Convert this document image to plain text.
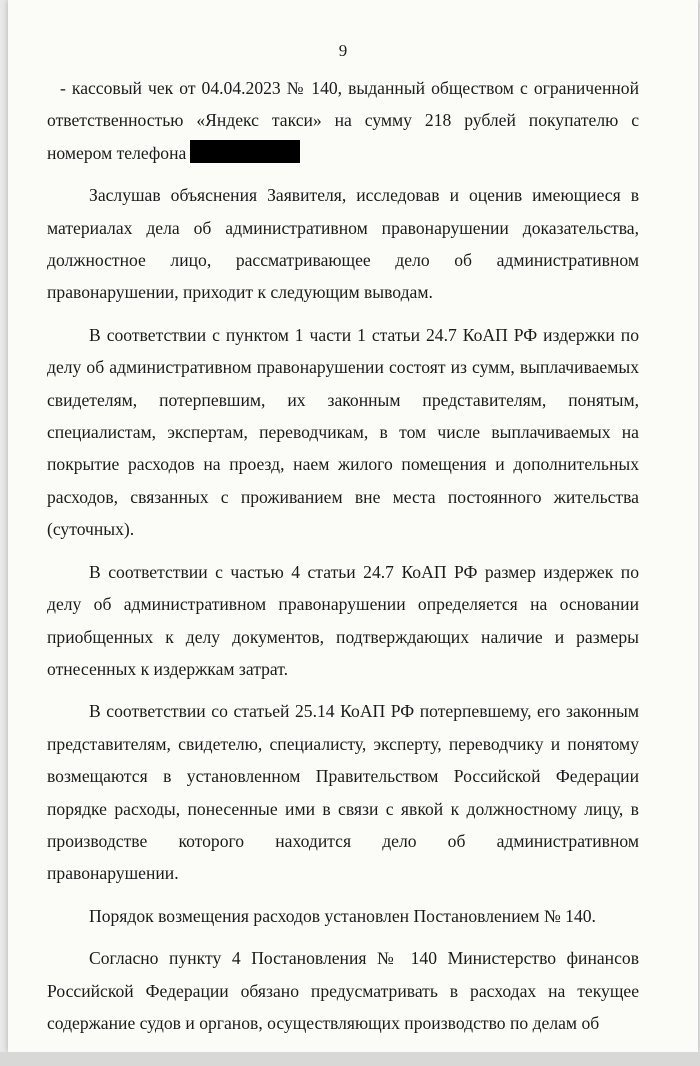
9

- кассовый чек от 04.04.2023 № 140, выданный обществом с ограниченной ответственностью «Яндекс такси» на сумму 218 рублей покупателю с номером телефона

Заслушав объяснения Заявителя, исследовав и оценив имеющиеся в материалах дела об административном правонарушении доказательства, должностное лицо, рассматривающее дело об административном правонарушении, приходит к следующим выводам.

В соответствии с пунктом 1 части 1 статьи 24.7 КоАП РФ издержки по делу об административном правонарушении состоят из сумм, выплачиваемых свидетелям, потерпевшим, их законным представителям, понятым, специалистам, экспертам, переводчикам, в том числе выплачиваемых на покрытие расходов на проезд, наем жилого помещения и дополнительных расходов, связанных с проживанием вне места постоянного жительства (суточных).

В соответствии с частью 4 статьи 24.7 КоАП РФ размер издержек по делу об административном правонарушении определяется на основании приобщенных к делу документов, подтверждающих наличие и размеры отнесенных к издержкам затрат.

В соответствии со статьей 25.14 КоАП РФ потерпевшему, его законным представителям, свидетелю, специалисту, эксперту, переводчику и понятому возмещаются в установленном Правительством Российской Федерации порядке расходы, понесенные ими в связи с явкой к должностному лицу, в производстве которого находится дело об административном правонарушении.

Порядок возмещения расходов установлен Постановлением № 140.

Согласно пункту 4 Постановления № 140 Министерство финансов Российской Федерации обязано предусматривать в расходах на текущее содержание судов и органов, осуществляющих производство по делам об
